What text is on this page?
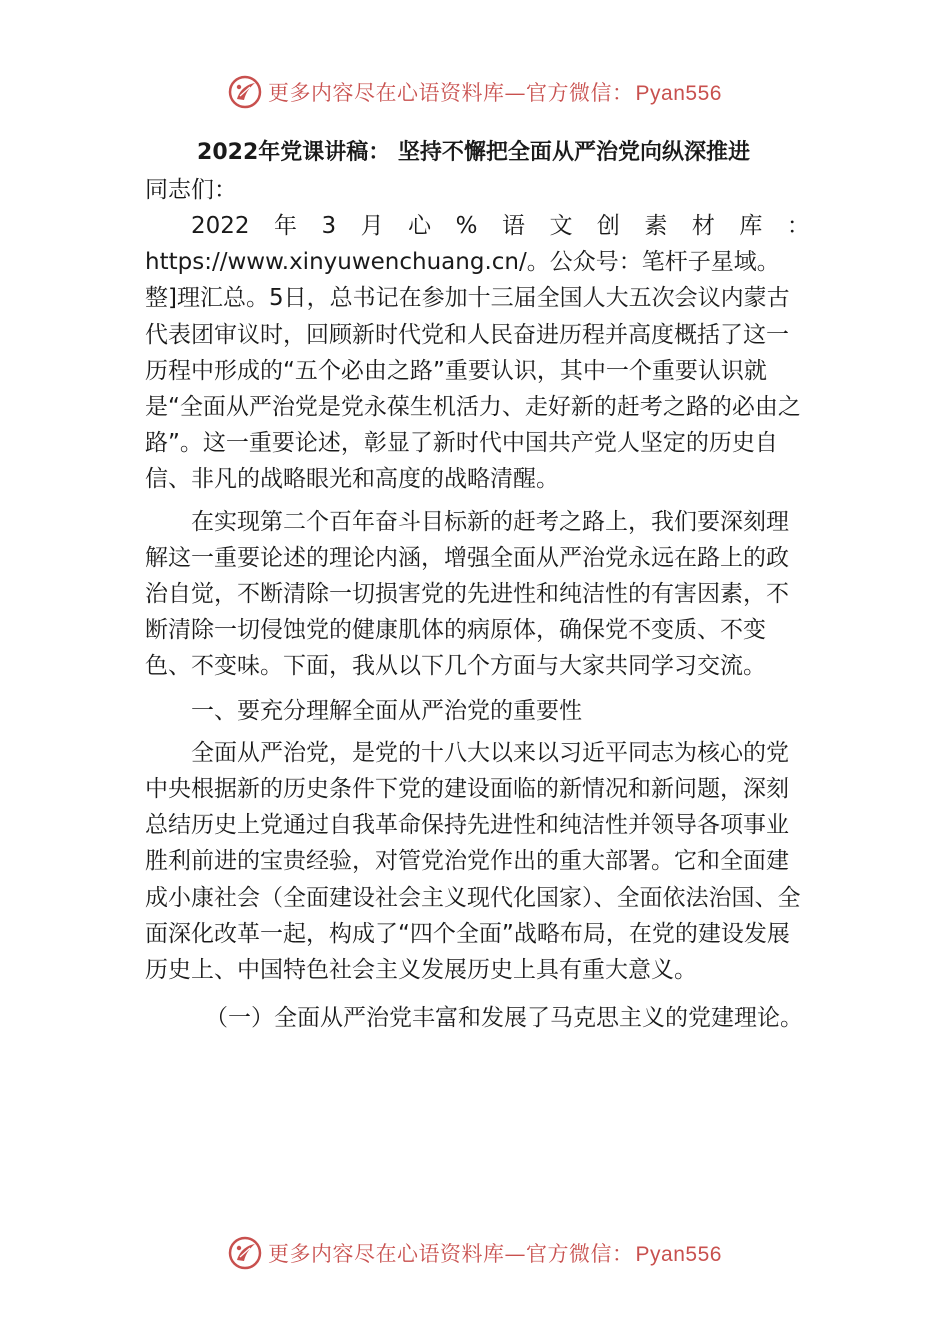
更多内容尽在心语资料库—官方微信：Pyan556
2022年党课讲稿： 坚持不懈把全面从严治党向纵深推进

同志们：

2022 年 3 月 心 % 语 文 创 素 材 库 ：

https://www.xinyuwenchuang.cn/。公众号：笔杆子星域。整]理汇总。5日，总书记在参加十三届全国人大五次会议内蒙古代表团审议时，回顾新时代党和人民奋进历程并高度概括了这一历程中形成的“五个必由之路”重要认识，其中一个重要认识就是“全面从严治党是党永葆生机活力、走好新的赶考之路的必由之路”。这一重要论述，彰显了新时代中国共产党人坚定的历史自信、非凡的战略眼光和高度的战略清醒。

在实现第二个百年奋斗目标新的赶考之路上，我们要深刻理解这一重要论述的理论内涵，增强全面从严治党永远在路上的政治自觉，不断清除一切损害党的先进性和纯洁性的有害因素，不断清除一切侵蚀党的健康肌体的病原体，确保党不变质、不变色、不变味。下面，我从以下几个方面与大家共同学习交流。

一、要充分理解全面从严治党的重要性

全面从严治党，是党的十八大以来以习近平同志为核心的党中央根据新的历史条件下党的建设面临的新情况和新问题，深刻总结历史上党通过自我革命保持先进性和纯洁性并领导各项事业胜利前进的宝贵经验，对管党治党作出的重大部署。它和全面建成小康社会（全面建设社会主义现代化国家）、全面依法治国、全面深化改革一起，构成了“四个全面”战略布局，在党的建设发展历史上、中国特色社会主义发展历史上具有重大意义。

（一）全面从严治党丰富和发展了马克思主义的党建理论。
更多内容尽在心语资料库—官方微信：Pyan556
